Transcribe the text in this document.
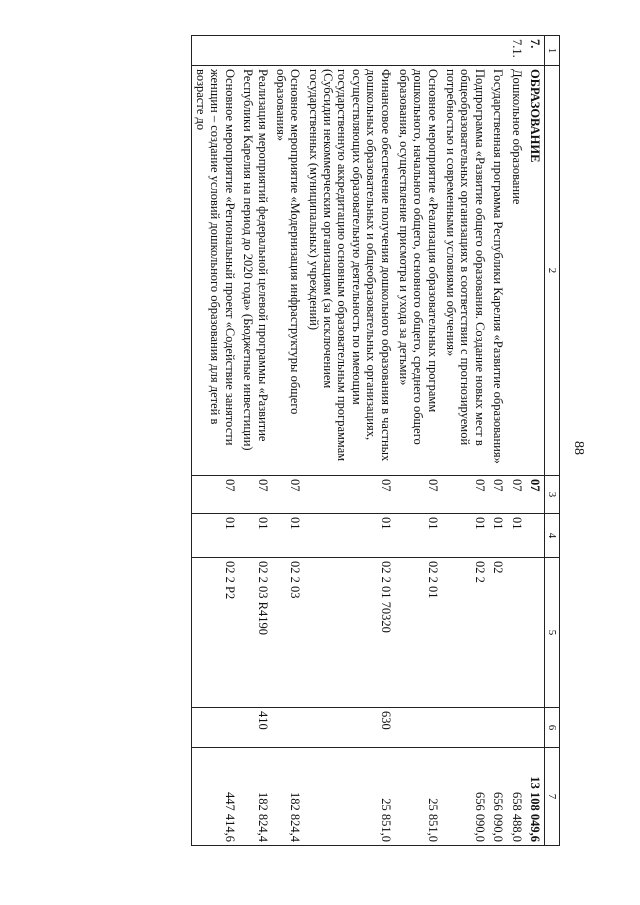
88
1	2	3	4	5	6	7
7.	ОБРАЗОВАНИЕ	07				13 108 049,6
7.1.	Дошкольное образование	07	01			658 488,0
	Государственная программа Республики Карелия «Развитие образования»	07	01	02		656 090,0
	Подпрограмма «Развитие общего образования. Создание новых мест в общеобразовательных организациях в соответствии с прогнозируемой потребностью и современными условиями обучения»	07	01	02 2		656 090,0
	Основное мероприятие «Реализация образовательных программ дошкольного, начального общего, основного общего, среднего общего образования, осуществление присмотра и ухода за детьми»	07	01	02 2 01		25 851,0
	Финансовое обеспечение получения дошкольного образования в частных дошкольных образовательных и общеобразовательных организациях, осуществляющих образовательную деятельность по имеющим государственную аккредитацию основным образовательным программам (Субсидии некоммерческим организациям (за исключением государственных (муниципальных) учреждений)	07	01	02 2 01 70320	630	25 851,0
	Основное мероприятие «Модернизация инфраструктуры общего образования»	07	01	02 2 03		182 824,4
	Реализация мероприятий федеральной целевой программы «Развитие Республики Карелия на период до 2020 года» (Бюджетные инвестиции)	07	01	02 2 03 R4190	410	182 824,4
	Основное мероприятие «Региональный проект «Содействие занятости женщин – создание условий дошкольного образования для детей в возрасте до	07	01	02 2 P2		447 414,6
